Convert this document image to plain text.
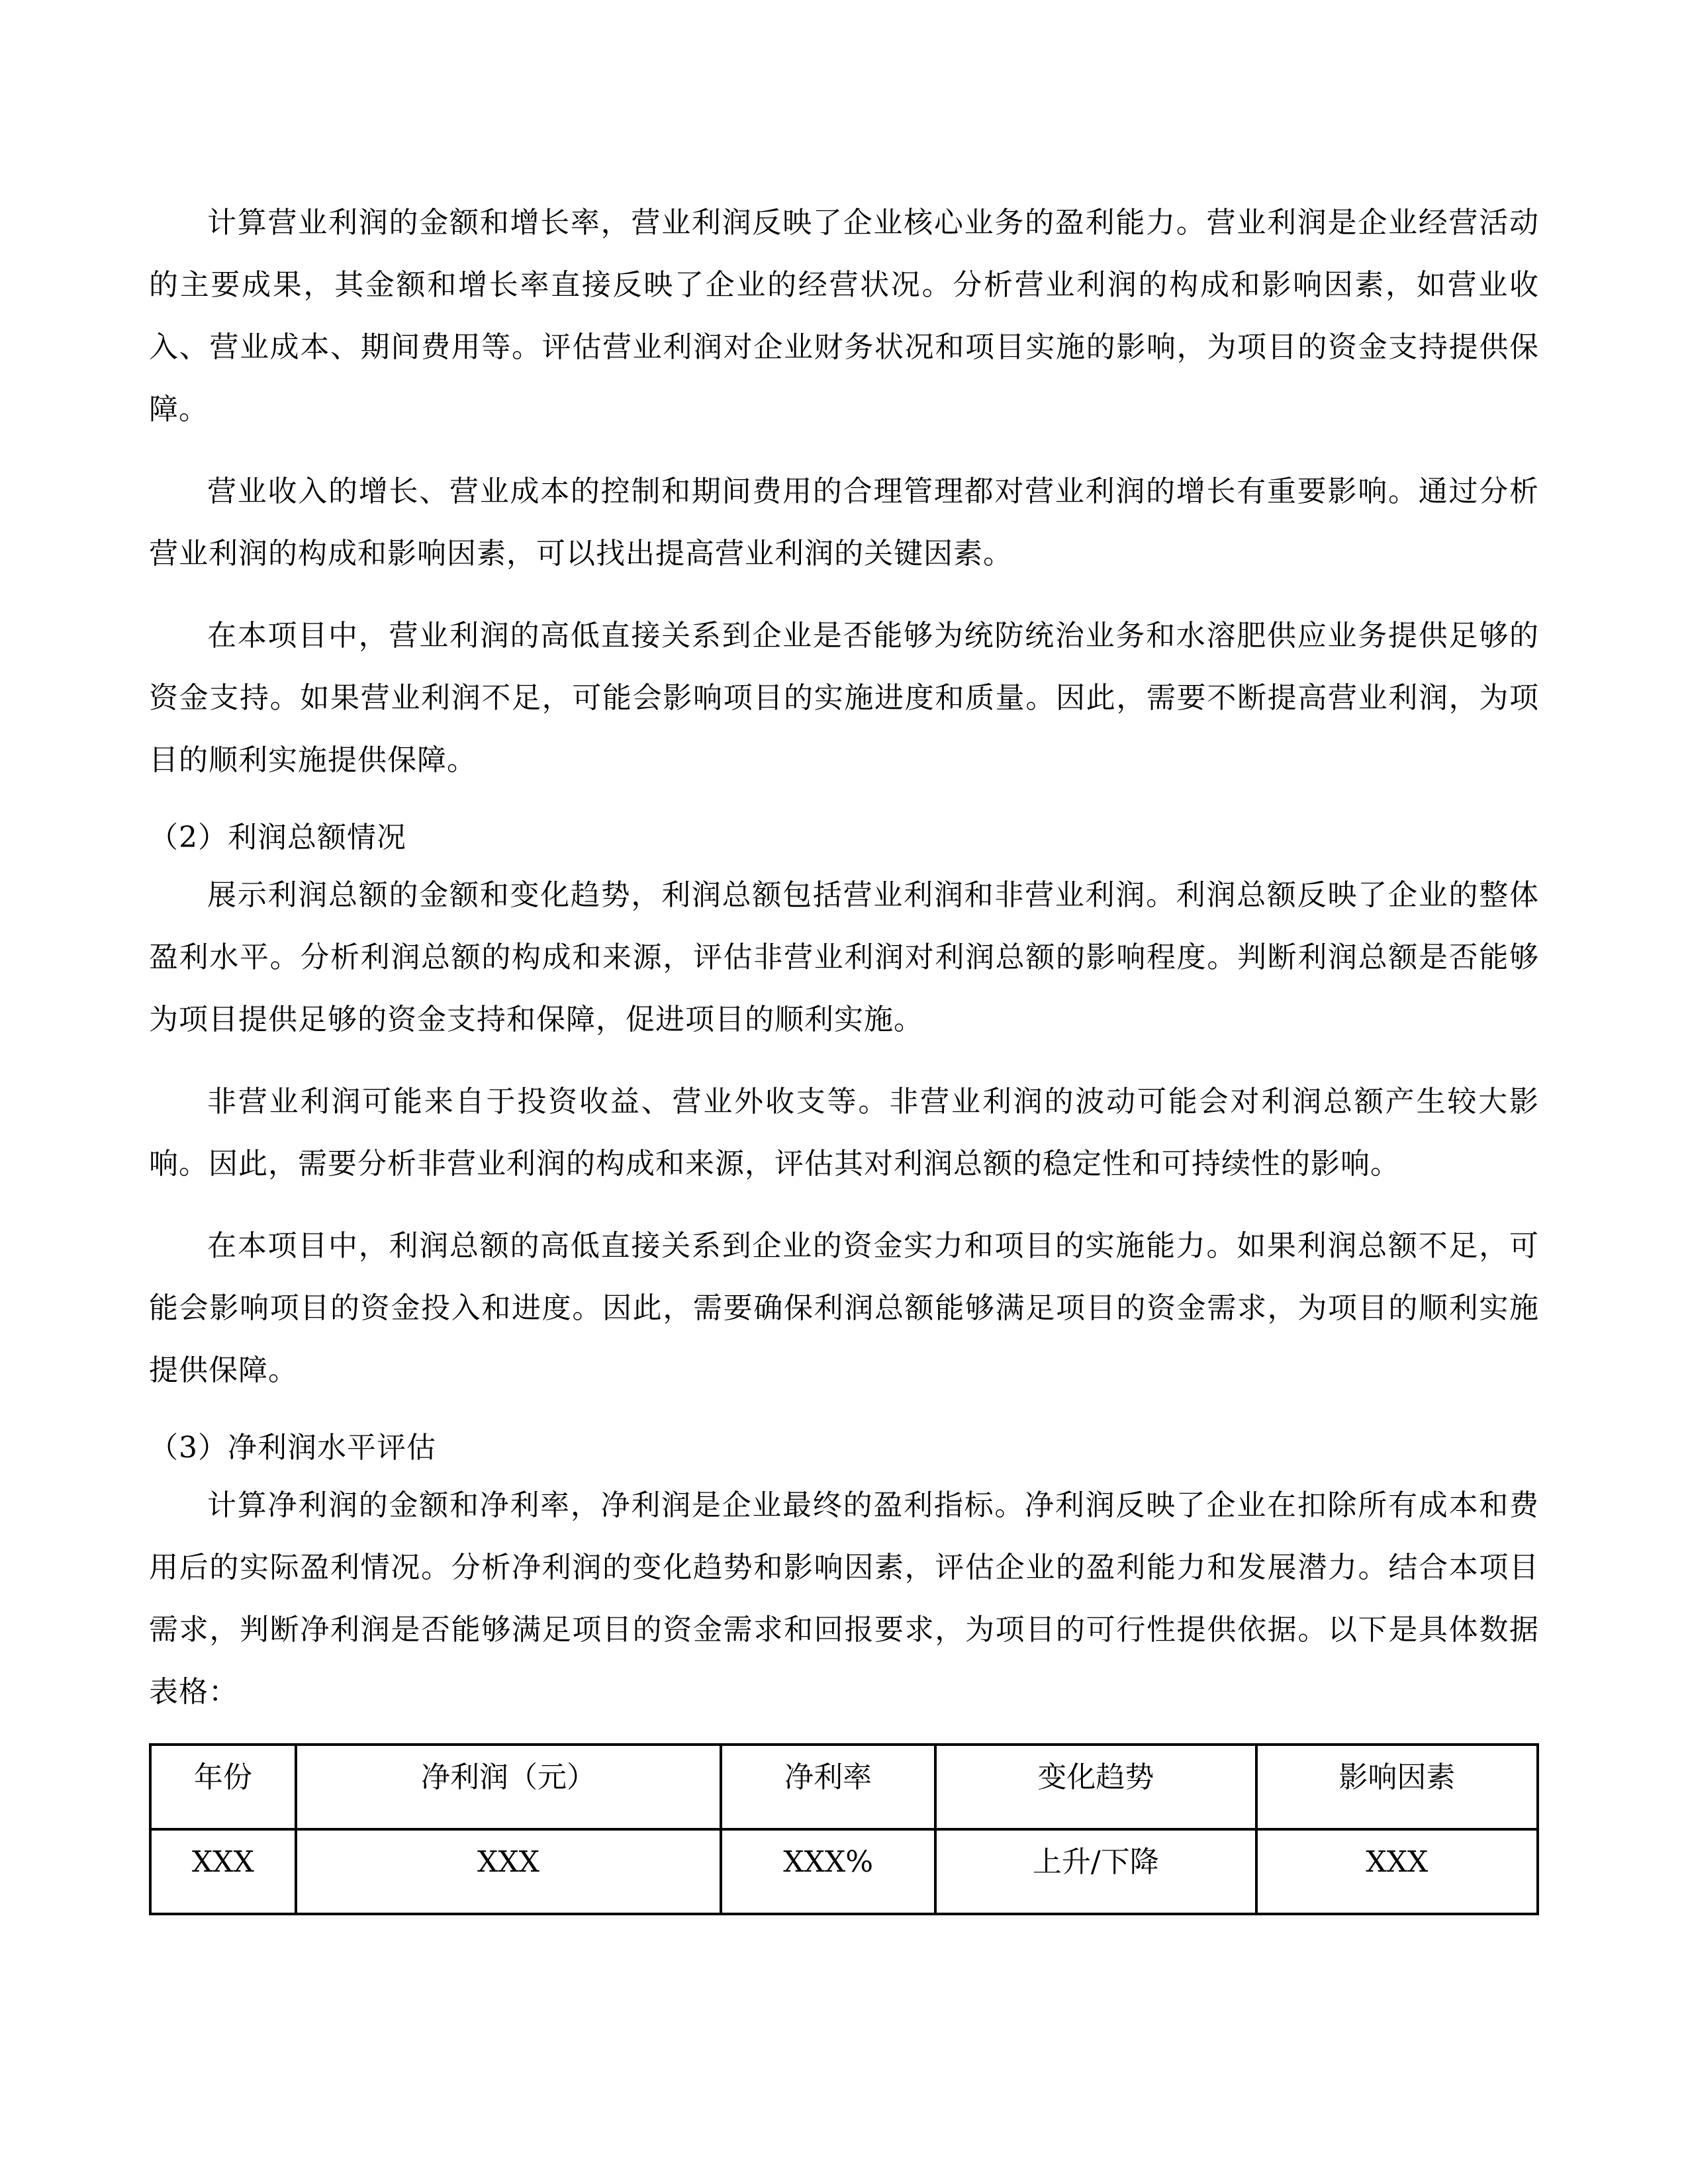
计算营业利润的金额和增长率，营业利润反映了企业核心业务的盈利能力。营业利润是企业经营活动的主要成果，其金额和增长率直接反映了企业的经营状况。分析营业利润的构成和影响因素，如营业收入、营业成本、期间费用等。评估营业利润对企业财务状况和项目实施的影响，为项目的资金支持提供保障。

营业收入的增长、营业成本的控制和期间费用的合理管理都对营业利润的增长有重要影响。通过分析营业利润的构成和影响因素，可以找出提高营业利润的关键因素。

在本项目中，营业利润的高低直接关系到企业是否能够为统防统治业务和水溶肥供应业务提供足够的资金支持。如果营业利润不足，可能会影响项目的实施进度和质量。因此，需要不断提高营业利润，为项目的顺利实施提供保障。

（2）利润总额情况

展示利润总额的金额和变化趋势，利润总额包括营业利润和非营业利润。利润总额反映了企业的整体盈利水平。分析利润总额的构成和来源，评估非营业利润对利润总额的影响程度。判断利润总额是否能够为项目提供足够的资金支持和保障，促进项目的顺利实施。

非营业利润可能来自于投资收益、营业外收支等。非营业利润的波动可能会对利润总额产生较大影响。因此，需要分析非营业利润的构成和来源，评估其对利润总额的稳定性和可持续性的影响。

在本项目中，利润总额的高低直接关系到企业的资金实力和项目的实施能力。如果利润总额不足，可能会影响项目的资金投入和进度。因此，需要确保利润总额能够满足项目的资金需求，为项目的顺利实施提供保障。

（3）净利润水平评估

计算净利润的金额和净利率，净利润是企业最终的盈利指标。净利润反映了企业在扣除所有成本和费用后的实际盈利情况。分析净利润的变化趋势和影响因素，评估企业的盈利能力和发展潜力。结合本项目需求，判断净利润是否能够满足项目的资金需求和回报要求，为项目的可行性提供依据。以下是具体数据表格：

年份	净利润（元）	净利率	变化趋势	影响因素
XXX	XXX	XXX%	上升/下降	XXX
